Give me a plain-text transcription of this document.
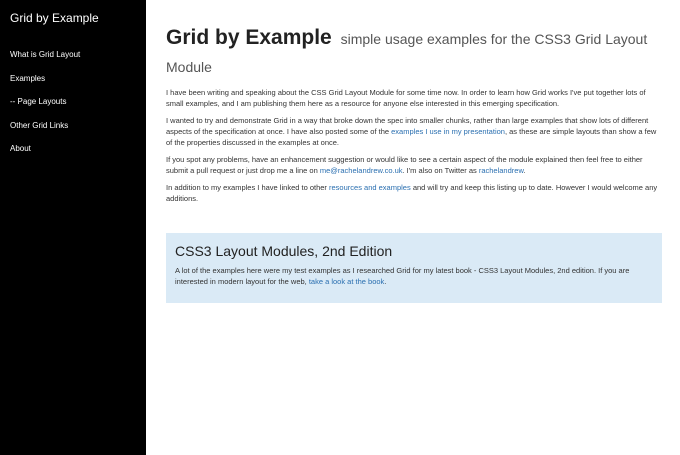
Grid by Example
What is Grid Layout
Examples
-- Page Layouts
Other Grid Links
About
Grid by Example simple usage examples for the CSS3 Grid Layout Module

I have been writing and speaking about the CSS Grid Layout Module for some time now. In order to learn how Grid works I've put together lots of small examples, and I am publishing them here as a resource for anyone else interested in this emerging specification.

I wanted to try and demonstrate Grid in a way that broke down the spec into smaller chunks, rather than large examples that show lots of different aspects of the specification at once. I have also posted some of the examples I use in my presentation, as these are simple layouts than show a few of the properties discussed in the examples at once.

If you spot any problems, have an enhancement suggestion or would like to see a certain aspect of the module explained then feel free to either submit a pull request or just drop me a line on me@rachelandrew.co.uk. I'm also on Twitter as rachelandrew.

In addition to my examples I have linked to other resources and examples and will try and keep this listing up to date. However I would welcome any additions.

CSS3 Layout Modules, 2nd Edition

A lot of the examples here were my test examples as I researched Grid for my latest book - CSS3 Layout Modules, 2nd edition. If you are interested in modern layout for the web, take a look at the book.
